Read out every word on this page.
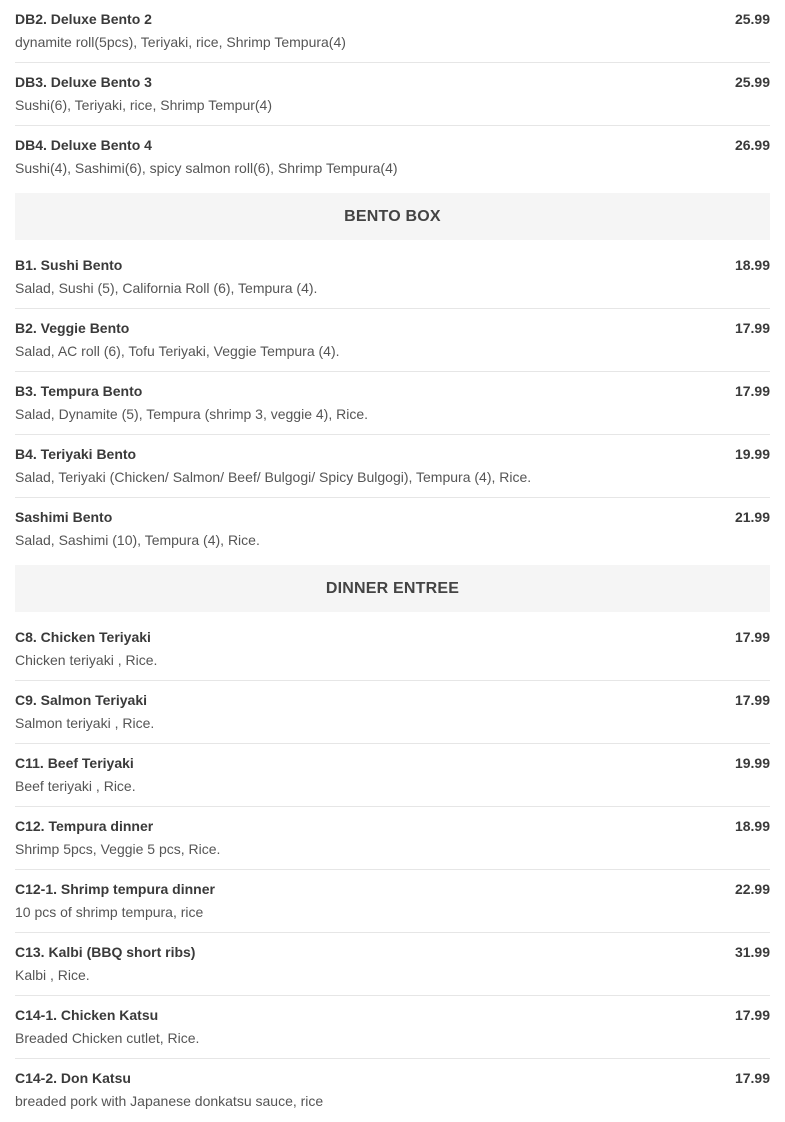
DB2. Deluxe Bento 2	25.99
dynamite roll(5pcs), Teriyaki, rice, Shrimp Tempura(4)
DB3. Deluxe Bento 3	25.99
Sushi(6), Teriyaki, rice, Shrimp Tempur(4)
DB4. Deluxe Bento 4	26.99
Sushi(4), Sashimi(6), spicy salmon roll(6), Shrimp Tempura(4)
BENTO BOX
B1. Sushi Bento	18.99
Salad, Sushi (5), California Roll (6), Tempura (4).
B2. Veggie Bento	17.99
Salad, AC roll (6), Tofu Teriyaki, Veggie Tempura (4).
B3. Tempura Bento	17.99
Salad, Dynamite (5), Tempura (shrimp 3, veggie 4), Rice.
B4. Teriyaki Bento	19.99
Salad, Teriyaki (Chicken/ Salmon/ Beef/ Bulgogi/ Spicy Bulgogi), Tempura (4), Rice.
Sashimi Bento	21.99
Salad, Sashimi (10), Tempura (4), Rice.
DINNER ENTREE
C8. Chicken Teriyaki	17.99
Chicken teriyaki , Rice.
C9. Salmon Teriyaki	17.99
Salmon teriyaki , Rice.
C11. Beef Teriyaki	19.99
Beef teriyaki , Rice.
C12. Tempura dinner	18.99
Shrimp 5pcs, Veggie 5 pcs, Rice.
C12-1. Shrimp tempura dinner	22.99
10 pcs of shrimp tempura, rice
C13. Kalbi (BBQ short ribs)	31.99
Kalbi , Rice.
C14-1. Chicken Katsu	17.99
Breaded Chicken cutlet, Rice.
C14-2. Don Katsu	17.99
breaded pork with Japanese donkatsu sauce, rice
